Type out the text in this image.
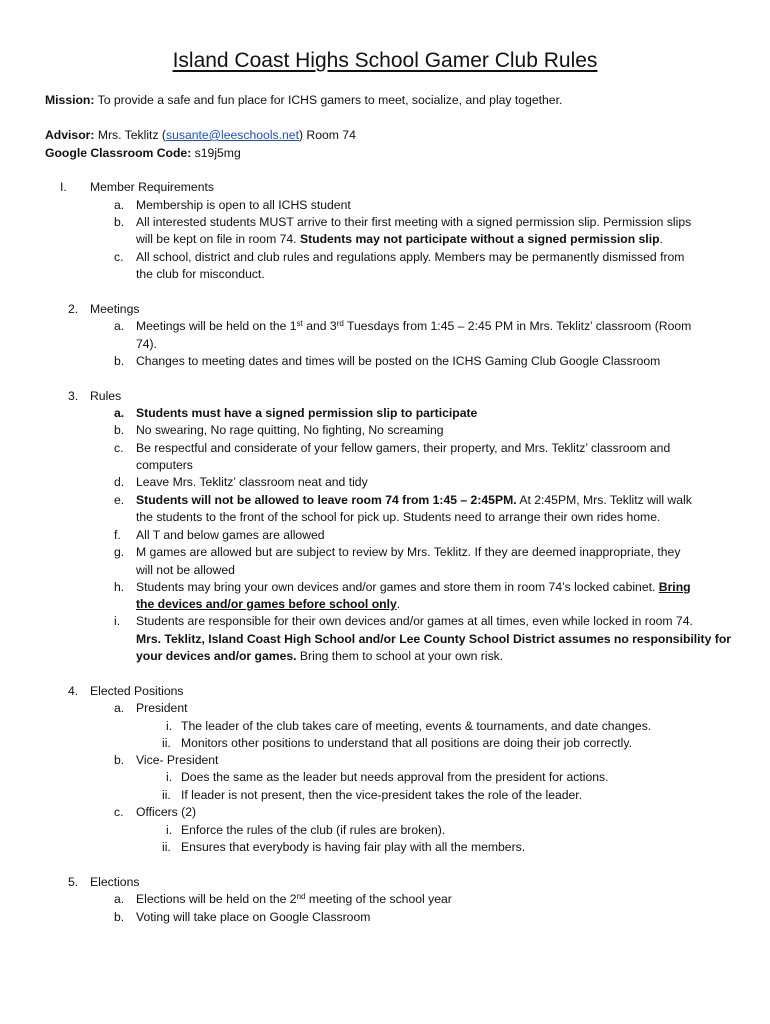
Island Coast Highs School Gamer Club Rules
Mission: To provide a safe and fun place for ICHS gamers to meet, socialize, and play together.
Advisor: Mrs. Teklitz (susante@leeschools.net) Room 74
Google Classroom Code: s19j5mg
I. Member Requirements
a. Membership is open to all ICHS student
b. All interested students MUST arrive to their first meeting with a signed permission slip. Permission slips
will be kept on file in room 74. Students may not participate without a signed permission slip.
c. All school, district and club rules and regulations apply. Members may be permanently dismissed from
the club for misconduct.
2. Meetings
a. Meetings will be held on the 1st and 3rd Tuesdays from 1:45 – 2:45 PM in Mrs. Teklitz’ classroom (Room
74).
b. Changes to meeting dates and times will be posted on the ICHS Gaming Club Google Classroom
3. Rules
a. Students must have a signed permission slip to participate
b. No swearing, No rage quitting, No fighting, No screaming
c. Be respectful and considerate of your fellow gamers, their property, and Mrs. Teklitz’ classroom and
computers
d. Leave Mrs. Teklitz’ classroom neat and tidy
e. Students will not be allowed to leave room 74 from 1:45 – 2:45PM. At 2:45PM, Mrs. Teklitz will walk
the students to the front of the school for pick up. Students need to arrange their own rides home.
f. All T and below games are allowed
g. M games are allowed but are subject to review by Mrs. Teklitz. If they are deemed inappropriate, they
will not be allowed
h. Students may bring your own devices and/or games and store them in room 74’s locked cabinet. Bring
the devices and/or games before school only.
i. Students are responsible for their own devices and/or games at all times, even while locked in room 74.
Mrs. Teklitz, Island Coast High School and/or Lee County School District assumes no responsibility for
your devices and/or games. Bring them to school at your own risk.
4. Elected Positions
a. President
i. The leader of the club takes care of meeting, events & tournaments, and date changes.
ii. Monitors other positions to understand that all positions are doing their job correctly.
b. Vice- President
i. Does the same as the leader but needs approval from the president for actions.
ii. If leader is not present, then the vice-president takes the role of the leader.
c. Officers (2)
i. Enforce the rules of the club (if rules are broken).
ii. Ensures that everybody is having fair play with all the members.
5. Elections
a. Elections will be held on the 2nd meeting of the school year
b. Voting will take place on Google Classroom
